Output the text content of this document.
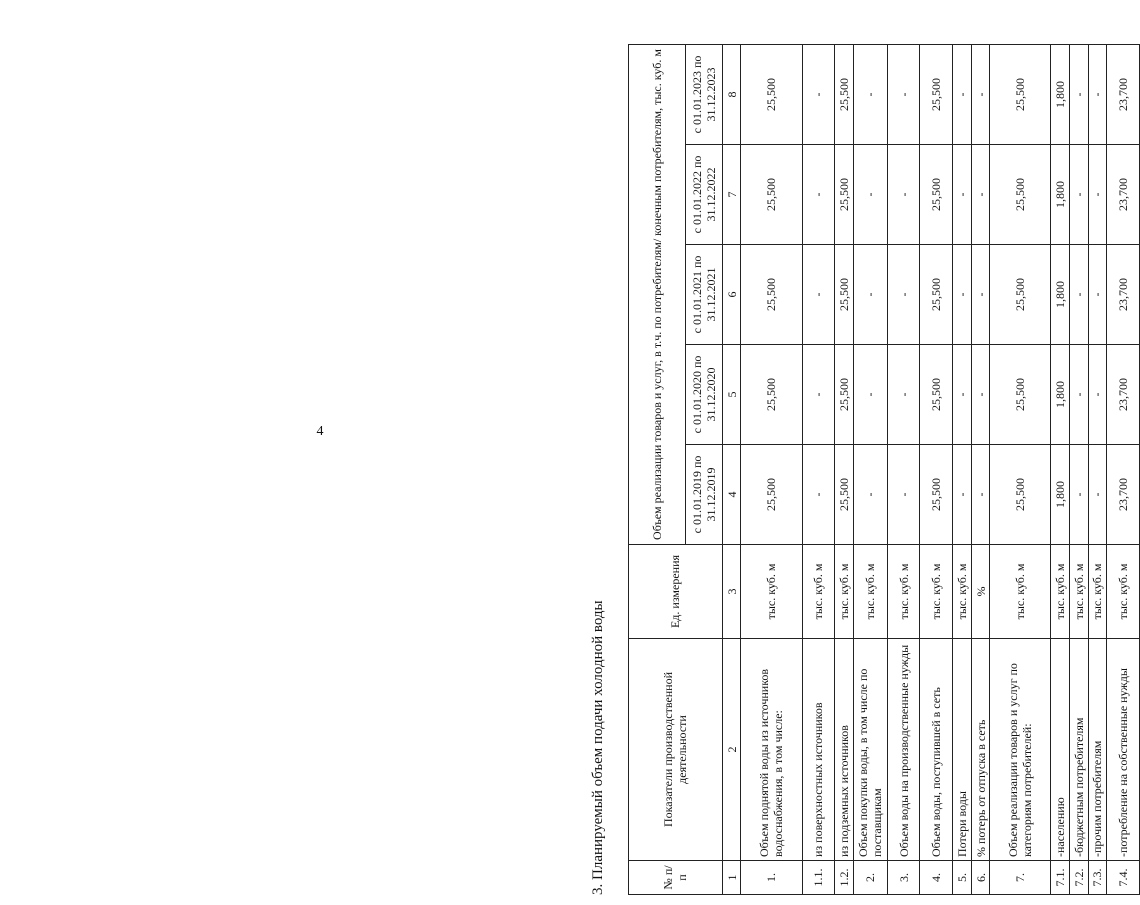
4
3. Планируемый объем подачи холодной воды	№ п/п	Показатели производственной деятельности	Ед. измерения	Объем реализации товаров и услуг, в т.ч. по потребителям/ конечным потребителям, тыс. куб. м				
			с 01.01.2019 по 31.12.2019	с 01.01.2020 по 31.12.2020	с 01.01.2021 по 31.12.2021	с 01.01.2022 по 31.12.2022	с 01.01.2023 по 31.12.2023
1	2	3	4	5	6	7	8
1.	Объем поднятой воды из источников водоснабжения, в том числе:	тыс. куб. м	25,500	25,500	25,500	25,500	25,500
1.1.	из поверхностных источников	тыс. куб. м	-	-	-	-	-
1.2.	из подземных источников	тыс. куб. м	25,500	25,500	25,500	25,500	25,500
2.	Объем покупки воды, в том числе по поставщикам	тыс. куб. м	-	-	-	-	-
3.	Объем воды на производственные нужды	тыс. куб. м	-	-	-	-	-
4.	Объем воды, поступившей в сеть	тыс. куб. м	25,500	25,500	25,500	25,500	25,500
5.	Потери воды	тыс. куб. м	-	-	-	-	-
6.	% потерь от отпуска в сеть	%	-	-	-	-	-
7.	Объем реализации товаров и услуг по категориям потребителей:	тыс. куб. м	25,500	25,500	25,500	25,500	25,500
7.1.	-населению	тыс. куб. м	1,800	1,800	1,800	1,800	1,800
7.2.	-бюджетным потребителям	тыс. куб. м	-	-	-	-	-
7.3.	-прочим потребителям	тыс. куб. м	-	-	-	-	-
7.4.	-потребление на собственные нужды	тыс. куб. м	23,700	23,700	23,700	23,700	23,700
